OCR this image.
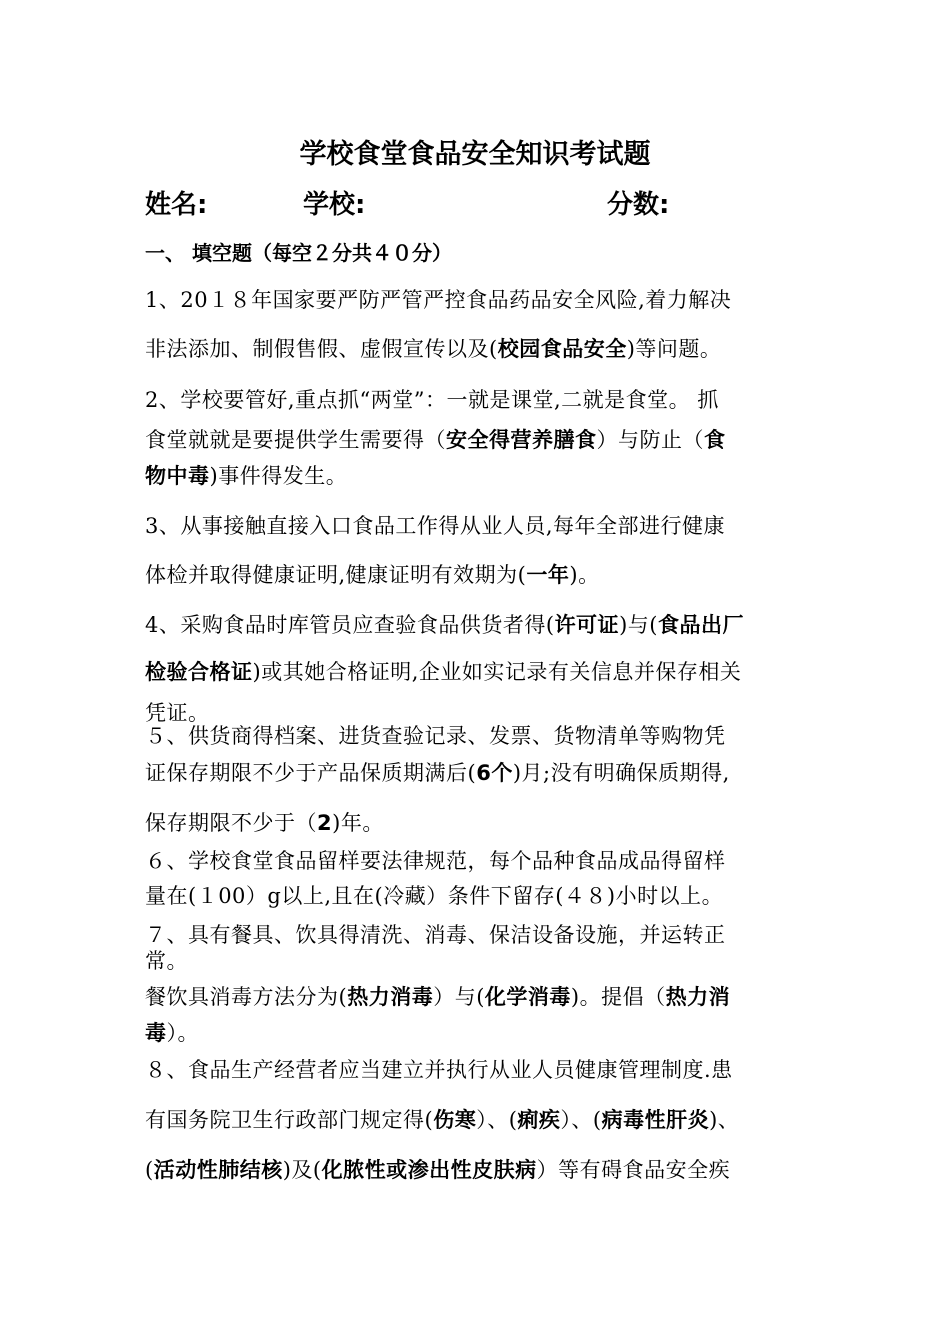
学校食堂食品安全知识考试题
姓名:	学校:	分数:
一、 填空题（每空２分共４０分）
1、20１８年国家要严防严管严控食品药品安全风险,着力解决
非法添加、制假售假、虚假宣传以及(校园食品安全)等问题。
2、学校要管好,重点抓“两堂”：一就是课堂,二就是食堂。 抓
食堂就就是要提供学生需要得（安全得营养膳食）与防止（食
物中毒)事件得发生。
3、从事接触直接入口食品工作得从业人员,每年全部进行健康
体检并取得健康证明,健康证明有效期为(一年)。
4、采购食品时库管员应查验食品供货者得(许可证)与(食品出厂
检验合格证)或其她合格证明,企业如实记录有关信息并保存相关
凭证。
５、供货商得档案、进货查验记录、发票、货物清单等购物凭
证保存期限不少于产品保质期满后(6个)月;没有明确保质期得,
保存期限不少于（2)年。
６、学校食堂食品留样要法律规范，每个品种食品成品得留样
量在(１00）g以上,且在(冷藏）条件下留存(４８)小时以上。
７、具有餐具、饮具得清洗、消毒、保洁设备设施，并运转正
常。
餐饮具消毒方法分为(热力消毒）与(化学消毒)。提倡（热力消
毒）。
８、食品生产经营者应当建立并执行从业人员健康管理制度.患
有国务院卫生行政部门规定得(伤寒）、(痢疾）、(病毒性肝炎)、
(活动性肺结核)及(化脓性或渗出性皮肤病）等有碍食品安全疾
